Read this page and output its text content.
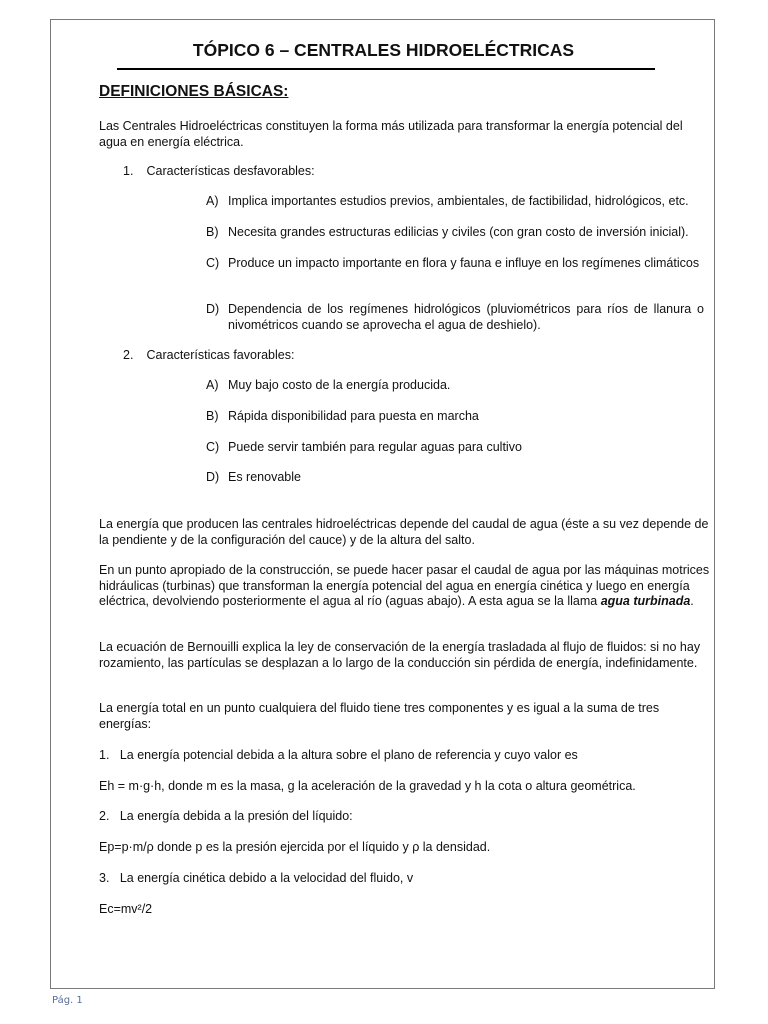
TÓPICO 6 – CENTRALES HIDROELÉCTRICAS
DEFINICIONES BÁSICAS:

Las Centrales Hidroeléctricas constituyen la forma más utilizada para transformar la energía potencial del agua en energía eléctrica.

1. Características desfavorables:
A) Implica importantes estudios previos, ambientales, de factibilidad, hidrológicos, etc.
B) Necesita grandes estructuras edilicias y civiles (con gran costo de inversión inicial).
C) Produce un impacto importante en flora y fauna e influye en los regímenes climáticos
D) Dependencia de los regímenes hidrológicos (pluviométricos para ríos de llanura o nivométricos cuando se aprovecha el agua de deshielo).
2. Características favorables:
A) Muy bajo costo de la energía producida.
B) Rápida disponibilidad para puesta en marcha
C) Puede servir también para regular aguas para cultivo
D) Es renovable

La energía que producen las centrales hidroeléctricas depende del caudal de agua (éste a su vez depende de la pendiente y de la configuración del cauce) y de la altura del salto.

En un punto apropiado de la construcción, se puede hacer pasar el caudal de agua por las máquinas motrices hidráulicas (turbinas) que transforman la energía potencial del agua en energía cinética y luego en energía eléctrica, devolviendo posteriormente el agua al río (aguas abajo). A esta agua se la llama agua turbinada.

La ecuación de Bernouilli explica la ley de conservación de la energía trasladada al flujo de fluidos: si no hay rozamiento, las partículas se desplazan a lo largo de la conducción sin pérdida de energía, indefinidamente.

La energía total en un punto cualquiera del fluido tiene tres componentes y es igual a la suma de tres energías:

1.   La energía potencial debida a la altura sobre el plano de referencia y cuyo valor es

Eh = m·g·h, donde m es la masa, g la aceleración de la gravedad y h la cota o altura geométrica.

2.   La energía debida a la presión del líquido:

Ep=p·m/ρ donde p es la presión ejercida por el líquido y ρ la densidad.

3.   La energía cinética debido a la velocidad del fluido, v

Ec=mv²/2

Pág. 1
